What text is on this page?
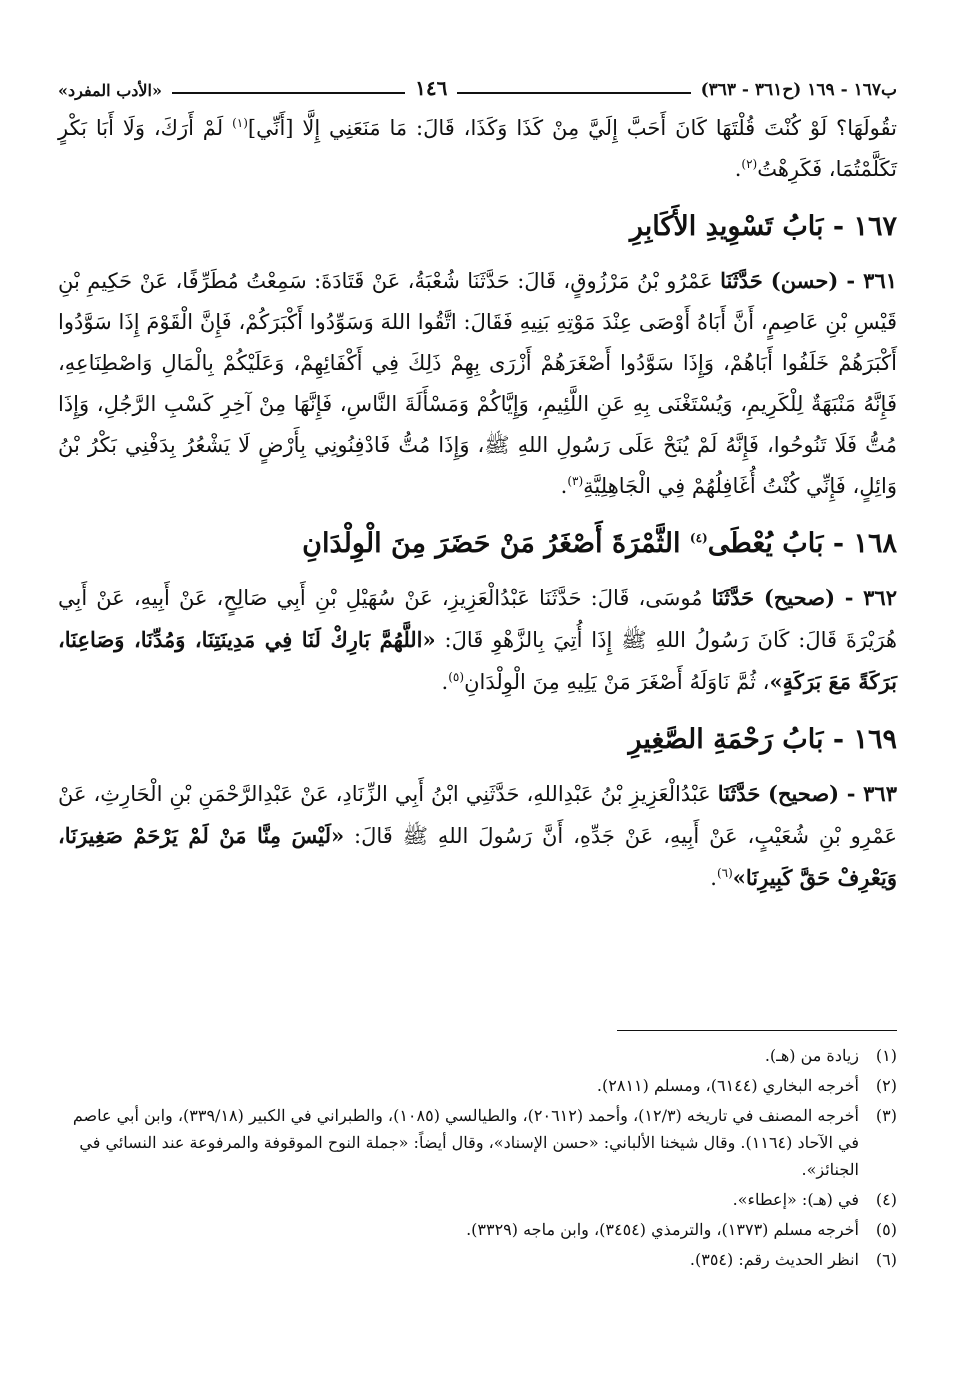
ب١٦٧ - ١٦٩ (ح٣٦١ - ٣٦٣)
١٤٦
«الأدب المفرد»

تقُولَهَا؟ لَوْ كُنْتَ قُلْتَهَا كَانَ أَحَبَّ إِلَيَّ مِنْ كَذَا وَكَذَا، قَالَ: مَا مَنَعَنِي إِلَّا [أَنِّي]$^{(١)}$ لَمْ أَرَكَ، وَلَا أَبَا بَكْرٍ تَكَلَّمْتُمَا، فَكَرِهْتُ$^{(٢)}$.

١٦٧ - بَابُ تَسْوِيدِ الأَكَابِرِ

٣٦١ - (حسن) حَدَّثَنَا عَمْرُو بْنُ مَرْزُوقٍ، قَالَ: حَدَّثَنَا شُعْبَةُ، عَنْ قَتَادَةَ: سَمِعْتُ مُطَرِّفًا، عَنْ حَكِيمِ بْنِ قَيْسِ بْنِ عَاصِمٍ، أَنَّ أَبَاهُ أَوْصَى عِنْدَ مَوْتِهِ بَنِيهِ فَقَالَ: اتَّقُوا اللهَ وَسَوِّدُوا أَكْبَرَكُمْ، فَإِنَّ الْقَوْمَ إِذَا سَوَّدُوا أَكْبَرَهُمْ خَلَفُوا أَبَاهُمْ، وَإِذَا سَوَّدُوا أَصْغَرَهُمْ أَزْرَى بِهِمْ ذَلِكَ فِي أَكْفَائِهِمْ، وَعَلَيْكُمْ بِالْمَالِ وَاصْطِنَاعِهِ، فَإِنَّهُ مَنْبَهَةٌ لِلْكَرِيمِ، وَيُسْتَغْنَى بِهِ عَنِ اللَّئِيمِ، وَإِيَّاكُمْ وَمَسْأَلَةَ النَّاسِ، فَإِنَّهَا مِنْ آخِرِ كَسْبِ الرَّجُلِ، وَإِذَا مُتُّ فَلَا تَنُوحُوا، فَإِنَّهُ لَمْ يُنَحْ عَلَى رَسُولِ اللهِ ﷺ، وَإِذَا مُتُّ فَادْفِنُونِي بِأَرْضٍ لَا يَشْعُرُ بِدَفْنِي بَكْرُ بْنُ وَائِلٍ، فَإِنِّي كُنْتُ أُغَافِلُهُمْ فِي الْجَاهِلِيَّةِ$^{(٣)}$.

١٦٨ - بَابُ يُعْطَى$^{(٤)}$ الثَّمْرَةَ أَصْغَرُ مَنْ حَضَرَ مِنَ الْوِلْدَانِ

٣٦٢ - (صحيح) حَدَّثَنَا مُوسَى، قَالَ: حَدَّثَنَا عَبْدُالْعَزِيزِ، عَنْ سُهَيْلِ بْنِ أَبِي صَالِحٍ، عَنْ أَبِيهِ، عَنْ أَبِي هُرَيْرَةَ قَالَ: كَانَ رَسُولُ اللهِ ﷺ إِذَا أُتِيَ بِالزَّهْوِ قَالَ: «اللَّهُمَّ بَارِكْ لَنَا فِي مَدِينَتِنَا، وَمُدِّنَا، وَصَاعِنَا، بَرَكَةً مَعَ بَرَكَةٍ»، ثُمَّ نَاوَلَهُ أَصْغَرَ مَنْ يَلِيهِ مِنَ الْوِلْدَانِ$^{(٥)}$.

١٦٩ - بَابُ رَحْمَةِ الصَّغِيرِ

٣٦٣ - (صحيح) حَدَّثَنَا عَبْدُالْعَزِيزِ بْنُ عَبْدِاللهِ، حَدَّثَنِي ابْنُ أَبِي الزِّنَادِ، عَنْ عَبْدِالرَّحْمَنِ بْنِ الْحَارِثِ، عَنْ عَمْرِو بْنِ شُعَيْبٍ، عَنْ أَبِيهِ، عَنْ جَدِّهِ، أَنَّ رَسُولَ اللهِ ﷺ قَالَ: «لَيْسَ مِنَّا مَنْ لَمْ يَرْحَمْ صَغِيرَنَا، وَيَعْرِفْ حَقَّ كَبِيرِنَا»$^{(٦)}$.

(١)
زيادة من (هـ).
(٢)
أخرجه البخاري (٦١٤٤)، ومسلم (٢٨١١).
(٣)
أخرجه المصنف في تاريخه (١٢/٣)، وأحمد (٢٠٦١٢)، والطيالسي (١٠٨٥)، والطبراني في الكبير (٣٣٩/١٨)، وابن أبي عاصم في الآحاد (١١٦٤). وقال شيخنا الألباني: «حسن الإسناد»، وقال أيضاً: «جملة النوح الموقوفة والمرفوعة عند النسائي في الجنائز».
(٤)
في (هـ): «إعطاء».
(٥)
أخرجه مسلم (١٣٧٣)، والترمذي (٣٤٥٤)، وابن ماجه (٣٣٢٩).
(٦)
انظر الحديث رقم: (٣٥٤).
